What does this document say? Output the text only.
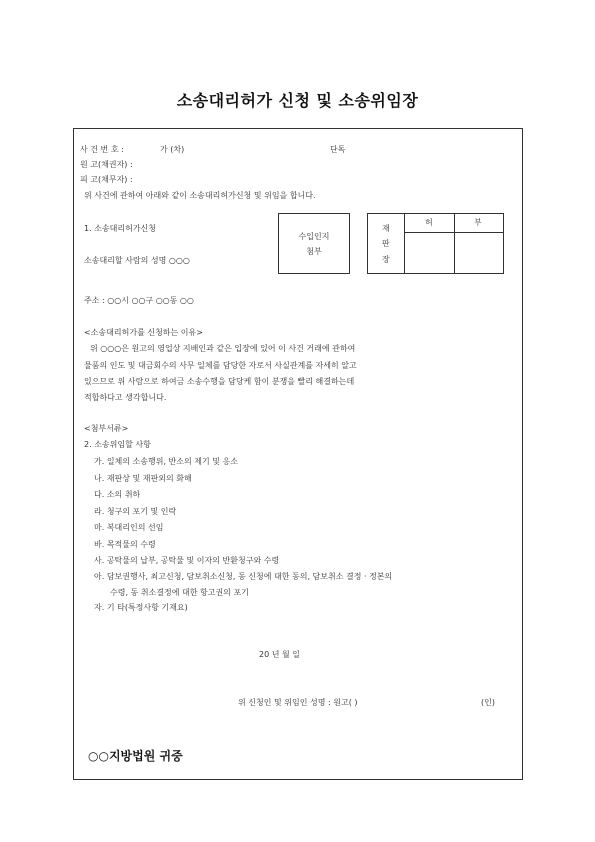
소송대리허가 신청 및 소송위임장
사 건 번 호 :	가 (차)	단독
원 고(채권자) :
피 고(채무자) :
위 사건에 관하여 아래와 같이 소송대리허가신청 및 위임을 합니다.
1. 소송대리허가신청
소송대리할 사람의 성명 ○○○
수입인지
첨부
재
판
장
허	부
주소 : ○○시 ○○구 ○○동 ○○
<소송대리허가를 신청하는 이유>
위 ○○○은 원고의 영업상 지배인과 같은 입장에 있어 이 사건 거래에 관하여
물품의 인도 및 대금회수의 사무 일체를 담당한 자로서 사실관계를 자세히 알고
있으므로 위 사람으로 하여금 소송수행을 담당케 함이 분쟁을 빨리 해결하는데
적합하다고 생각합니다.
<첨부서류>
2. 소송위임할 사항
가. 일체의 소송행위, 반소의 제기 및 응소
나. 재판상 및 재판외의 화해
다. 소의 취하
라. 청구의 포기 및 인락
마. 복대리인의 선임
바. 목적물의 수령
사. 공탁물의 납부, 공탁물 및 이자의 반환청구와 수령
아. 담보권행사, 최고신청, 담보취소신청, 동 신청에 대한 동의, 담보취소 결정 · 정본의
수령, 동 취소결정에 대한 항고권의 포기
자. 기 타(특정사항 기재요)
20 년 월 일
위 신청인 및 위임인 성명 : 원고( )	(인)
○○지방법원 귀중
